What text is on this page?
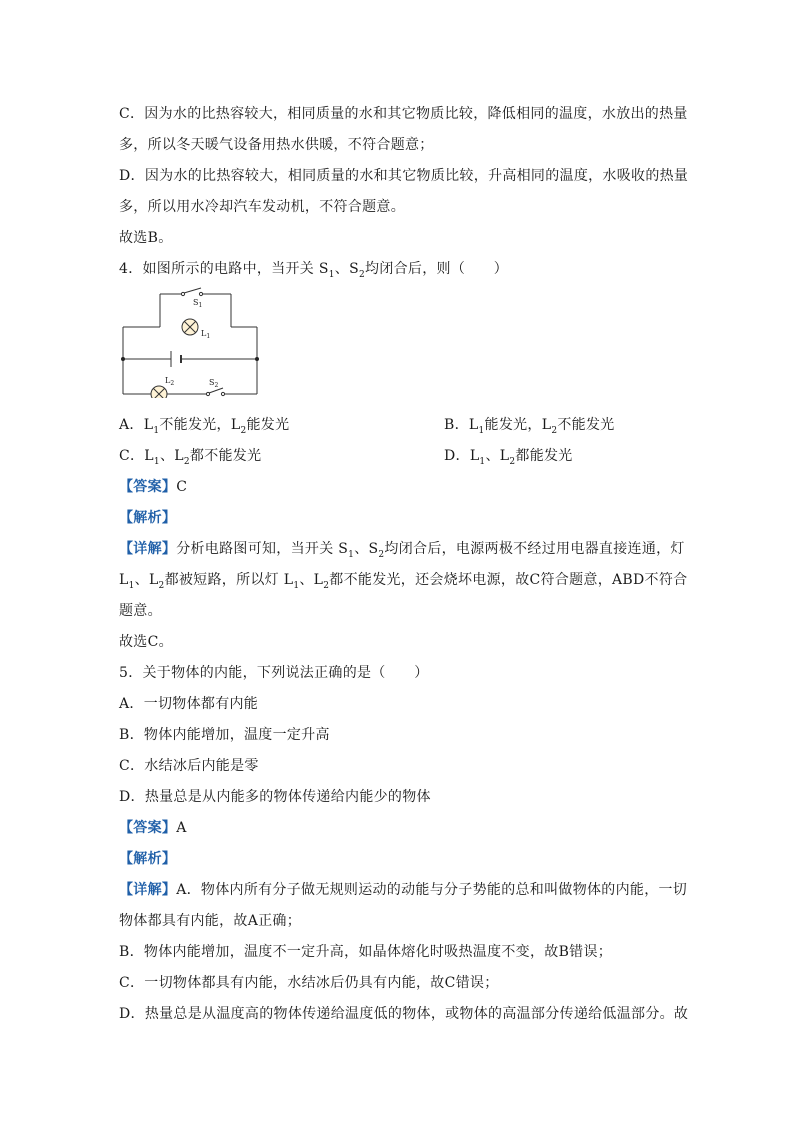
C．因为水的比热容较大，相同质量的水和其它物质比较，降低相同的温度，水放出的热量
多，所以冬天暖气设备用热水供暖，不符合题意；
D．因为水的比热容较大，相同质量的水和其它物质比较，升高相同的温度，水吸收的热量
多，所以用水冷却汽车发动机，不符合题意。
故选B。
4．如图所示的电路中，当开关 $S_1$、$S_2$均闭合后，则（　　）
$S_1$
$L_1$
$L_2$	$S_2$
A．$L_1$不能发光，$L_2$能发光	B．$L_1$能发光，$L_2$不能发光
C．$L_1$、$L_2$都不能发光	D．$L_1$、$L_2$都能发光
【答案】C
【解析】
【详解】分析电路图可知，当开关 $S_1$、$S_2$均闭合后，电源两极不经过用电器直接连通，灯
$L_1$、$L_2$都被短路，所以灯 $L_1$、$L_2$都不能发光，还会烧坏电源，故C符合题意，ABD不符合
题意。
故选C。
5．关于物体的内能，下列说法正确的是（　　）
A．一切物体都有内能
B．物体内能增加，温度一定升高
C．水结冰后内能是零
D．热量总是从内能多的物体传递给内能少的物体
【答案】A
【解析】
【详解】A．物体内所有分子做无规则运动的动能与分子势能的总和叫做物体的内能，一切
物体都具有内能，故A正确；
B．物体内能增加，温度不一定升高，如晶体熔化时吸热温度不变，故B错误；
C．一切物体都具有内能，水结冰后仍具有内能，故C错误；
D．热量总是从温度高的物体传递给温度低的物体，或物体的高温部分传递给低温部分。故
